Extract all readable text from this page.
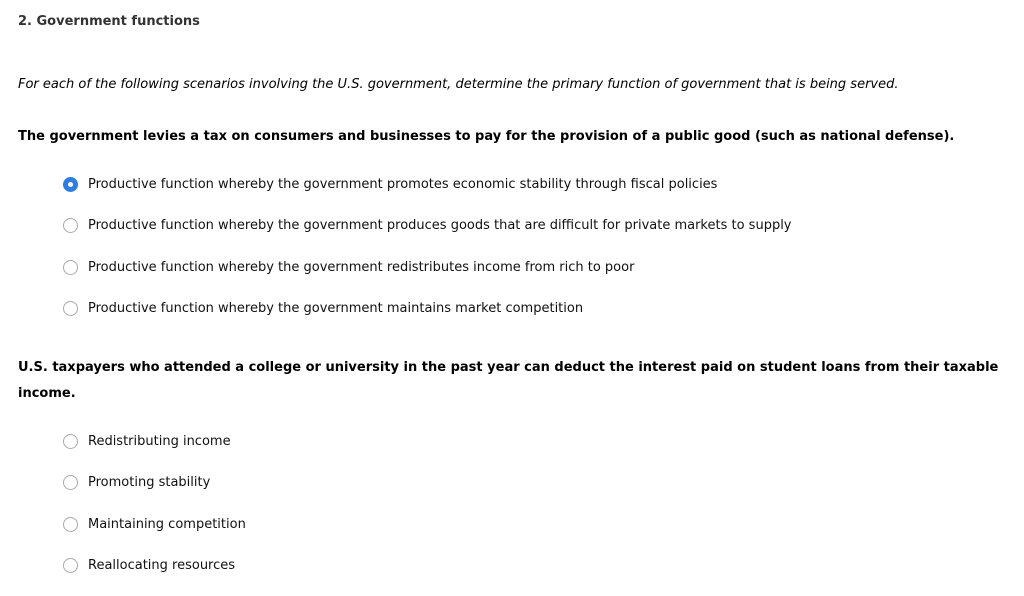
2. Government functions
For each of the following scenarios involving the U.S. government, determine the primary function of government that is being served.
The government levies a tax on consumers and businesses to pay for the provision of a public good (such as national defense).
Productive function whereby the government promotes economic stability through fiscal policies
Productive function whereby the government produces goods that are difficult for private markets to supply
Productive function whereby the government redistributes income from rich to poor
Productive function whereby the government maintains market competition
U.S. taxpayers who attended a college or university in the past year can deduct the interest paid on student loans from their taxable income.
Redistributing income
Promoting stability
Maintaining competition
Reallocating resources
